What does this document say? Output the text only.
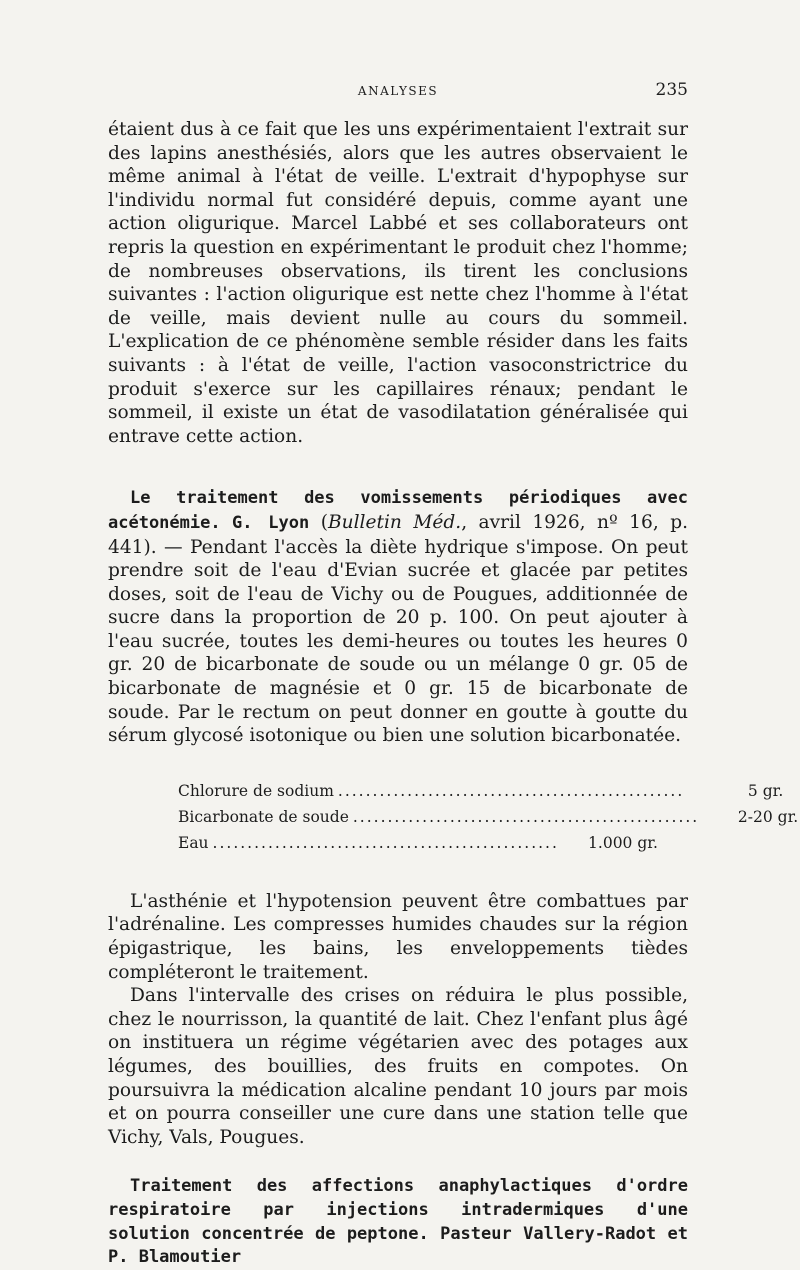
ANALYSES	235

étaient dus à ce fait que les uns expérimentaient l'extrait sur des lapins anesthésiés, alors que les autres observaient le même animal à l'état de veille. L'extrait d'hypophyse sur l'individu normal fut considéré depuis, comme ayant une action oligurique. Marcel Labbé et ses collaborateurs ont repris la question en expérimentant le produit chez l'homme; de nombreuses observations, ils tirent les conclusions suivantes : l'action oligurique est nette chez l'homme à l'état de veille, mais devient nulle au cours du sommeil. L'explication de ce phénomène semble résider dans les faits suivants : à l'état de veille, l'action vasoconstrictrice du produit s'exerce sur les capillaires rénaux; pendant le sommeil, il existe un état de vasodilatation généralisée qui entrave cette action.

Le traitement des vomissements périodiques avec acétonémie. G. Lyon (Bulletin Méd., avril 1926, nº 16, p. 441). — Pendant l'accès la diète hydrique s'impose. On peut prendre soit de l'eau d'Evian sucrée et glacée par petites doses, soit de l'eau de Vichy ou de Pougues, additionnée de sucre dans la proportion de 20 p. 100. On peut ajouter à l'eau sucrée, toutes les demi-heures ou toutes les heures 0 gr. 20 de bicarbonate de soude ou un mélange 0 gr. 05 de bicarbonate de magnésie et 0 gr. 15 de bicarbonate de soude. Par le rectum on peut donner en goutte à goutte du sérum glycosé isotonique ou bien une solution bicarbonatée.

Chlorure de sodium ..................................................	5 gr.
Bicarbonate de soude ..................................................	2-20 gr.
Eau ..................................................	1.000 gr.

L'asthénie et l'hypotension peuvent être combattues par l'adrénaline. Les compresses humides chaudes sur la région épigastrique, les bains, les enveloppements tièdes compléteront le traitement.

Dans l'intervalle des crises on réduira le plus possible, chez le nourrisson, la quantité de lait. Chez l'enfant plus âgé on instituera un régime végétarien avec des potages aux légumes, des bouillies, des fruits en compotes. On poursuivra la médication alcaline pendant 10 jours par mois et on pourra conseiller une cure dans une station telle que Vichy, Vals, Pougues.

Traitement des affections anaphylactiques d'ordre respiratoire par injections intradermiques d'une solution concentrée de peptone. Pasteur Vallery-Radot et P. Blamoutier
